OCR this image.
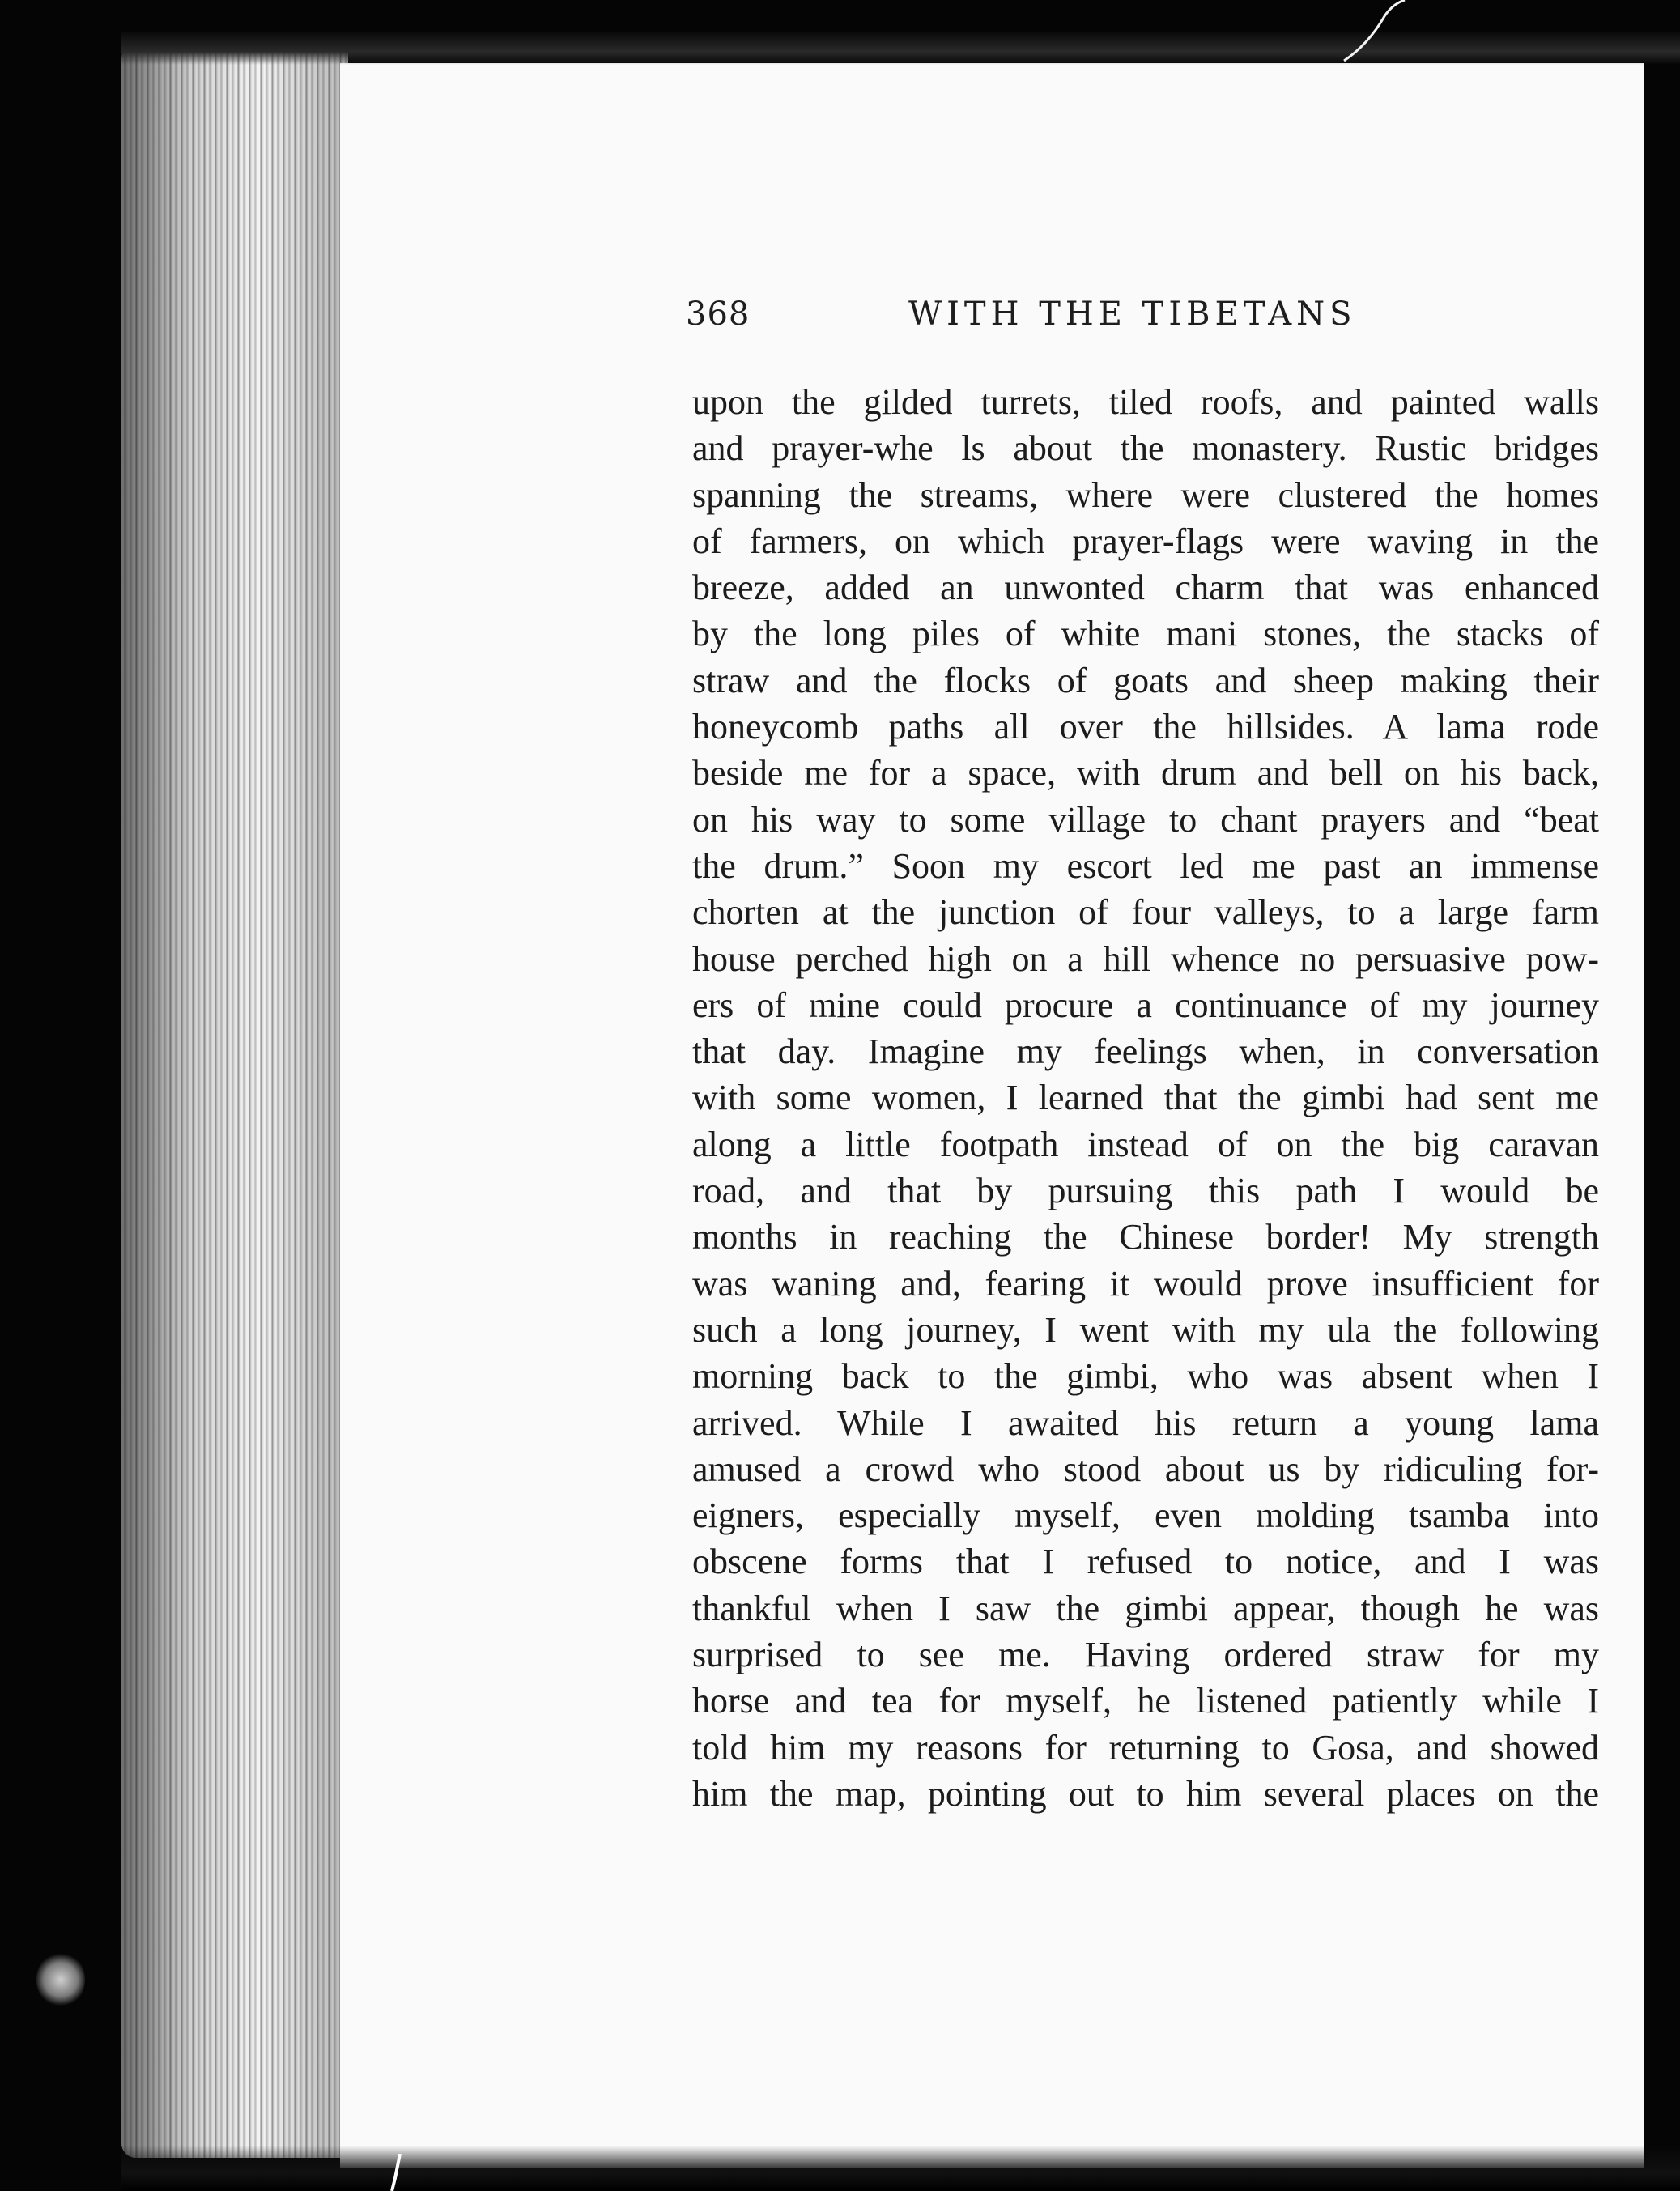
368	WITH THE TIBETANS
upon the gilded turrets, tiled roofs, and painted walls
and prayer-whe ls about the monastery. Rustic bridges
spanning the streams, where were clustered the homes
of farmers, on which prayer-flags were waving in the
breeze, added an unwonted charm that was enhanced
by the long piles of white mani stones, the stacks of
straw and the flocks of goats and sheep making their
honeycomb paths all over the hillsides. A lama rode
beside me for a space, with drum and bell on his back,
on his way to some village to chant prayers and “beat
the drum.” Soon my escort led me past an immense
chorten at the junction of four valleys, to a large farm
house perched high on a hill whence no persuasive pow-
ers of mine could procure a continuance of my journey
that day. Imagine my feelings when, in conversation
with some women, I learned that the gimbi had sent me
along a little footpath instead of on the big caravan
road, and that by pursuing this path I would be
months in reaching the Chinese border! My strength
was waning and, fearing it would prove insufficient for
such a long journey, I went with my ula the following
morning back to the gimbi, who was absent when I
arrived. While I awaited his return a young lama
amused a crowd who stood about us by ridiculing for-
eigners, especially myself, even molding tsamba into
obscene forms that I refused to notice, and I was
thankful when I saw the gimbi appear, though he was
surprised to see me. Having ordered straw for my
horse and tea for myself, he listened patiently while I
told him my reasons for returning to Gosa, and showed
him the map, pointing out to him several places on the
